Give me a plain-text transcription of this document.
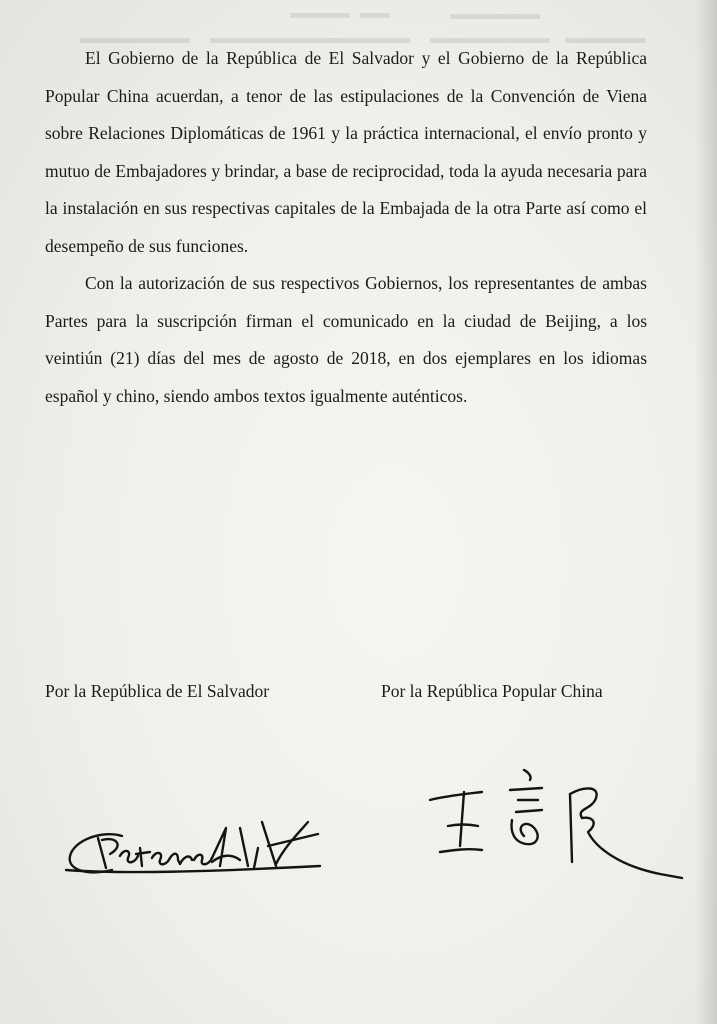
El Gobierno de la República de El Salvador y el Gobierno de la República Popular China acuerdan, a tenor de las estipulaciones de la Convención de Viena sobre Relaciones Diplomáticas de 1961 y la práctica internacional, el envío pronto y mutuo de Embajadores y brindar, a base de reciprocidad, toda la ayuda necesaria para la instalación en sus respectivas capitales de la Embajada de la otra Parte así como el desempeño de sus funciones.

Con la autorización de sus respectivos Gobiernos, los representantes de ambas Partes para la suscripción firman el comunicado en la ciudad de Beijing, a los veintiún (21) días del mes de agosto de 2018, en dos ejemplares en los idiomas español y chino, siendo ambos textos igualmente auténticos.

Por la República de El Salvador	Por la República Popular China
